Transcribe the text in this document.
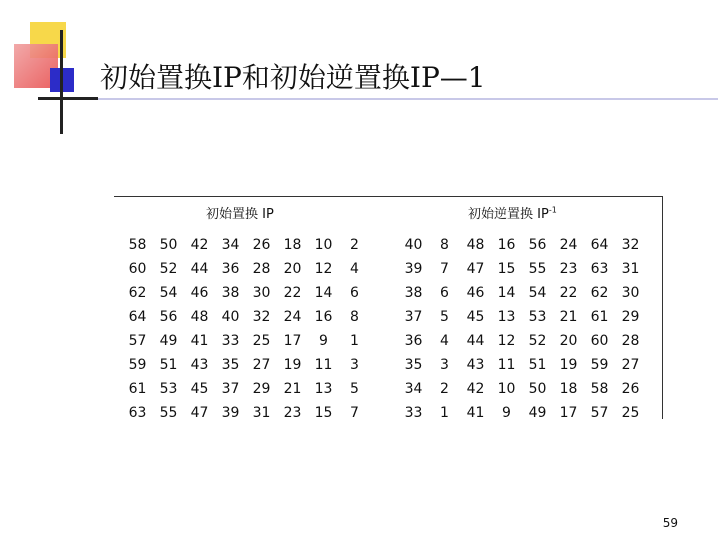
初始置换IP和初始逆置换IP—1
初始置换 IP
58 50 42 34 26 18 10	2
60 52 44 36 28 20 12	4
62 54 46 38 30 22 14	6
64 56 48 40 32 24 16	8
57 49 41 33 25 17	9	1
59 51 43 35 27 19 11	3
61 53 45 37 29 21 13	5
63 55 47 39 31 23 15	7
初始逆置换 $IP^{-1}$
40	8	48 16 56 24 64 32
39	7	47 15 55 23 63 31
38	6	46 14 54 22 62 30
37	5	45 13 53 21 61 29
36	4	44 12 52 20 60 28
35	3	43 11 51 19 59 27
34	2	42 10 50 18 58 26
33	1	41	9	49 17 57 25
59
